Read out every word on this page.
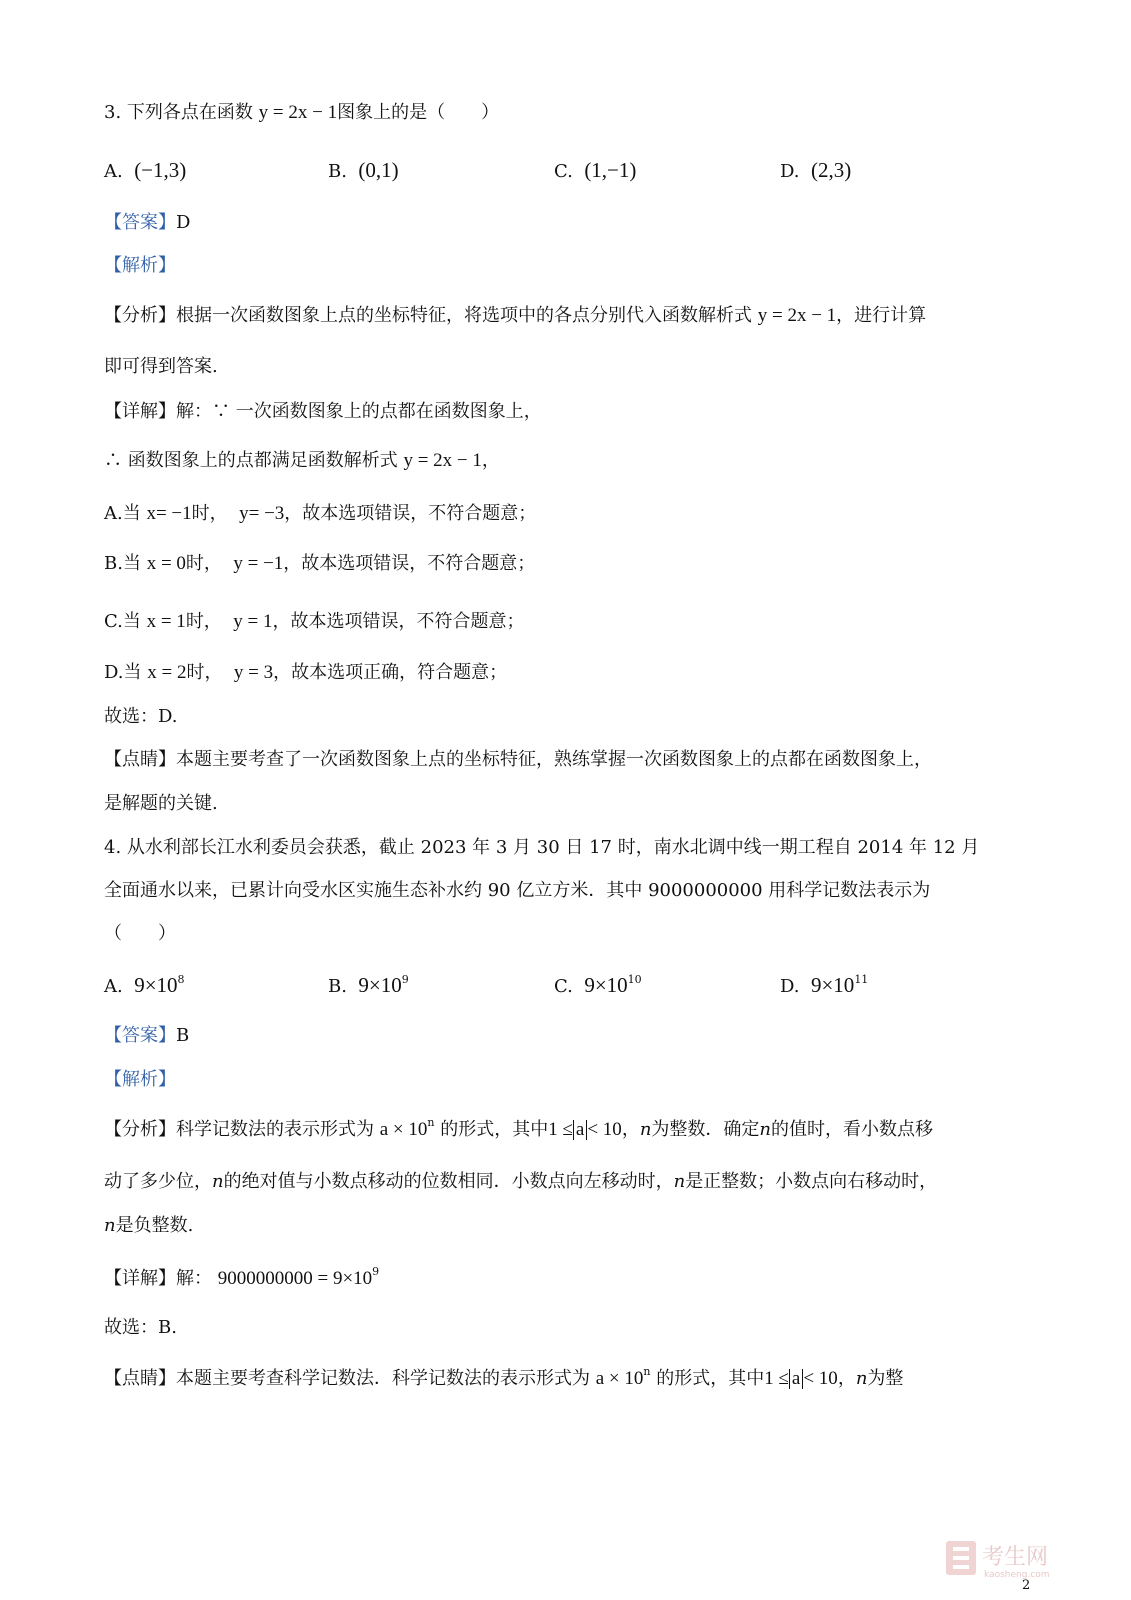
3. 下列各点在函数 y = 2x − 1图象上的是（　　）
A. (−1,3)	B. (0,1)	C. (1,−1)	D. (2,3)
【答案】D
【解析】
【分析】根据一次函数图象上点的坐标特征，将选项中的各点分别代入函数解析式 y = 2x − 1，进行计算
即可得到答案.
【详解】解：∵ 一次函数图象上的点都在函数图象上，
∴ 函数图象上的点都满足函数解析式 y = 2x − 1，
A.当 x= −1时， y= −3，故本选项错误，不符合题意；
B.当 x = 0时， y = −1，故本选项错误，不符合题意；
C.当 x = 1时， y = 1，故本选项错误，不符合题意；
D.当 x = 2时， y = 3，故本选项正确，符合题意；
故选：D.
【点睛】本题主要考查了一次函数图象上点的坐标特征，熟练掌握一次函数图象上的点都在函数图象上，
是解题的关键.
4. 从水利部长江水利委员会获悉，截止 2023 年 3 月 30 日 17 时，南水北调中线一期工程自 2014 年 12 月
全面通水以来，已累计向受水区实施生态补水约 90 亿立方米．其中 9000000000 用科学记数法表示为
（　　）
A. $9\times 10^8$	B. $9\times 10^9$	C. $9\times 10^{10}$	D. $9\times 10^{11}$
【答案】B
【解析】
【分析】科学记数法的表示形式为 $a \times 10^n$ 的形式，其中1 ≤ a < 10，n为整数．确定n的值时，看小数点移
动了多少位，n的绝对值与小数点移动的位数相同．小数点向左移动时，n是正整数；小数点向右移动时，
n是负整数.
【详解】解： $9000000000 = 9\times 10^9$
故选：B.
【点睛】本题主要考查科学记数法．科学记数法的表示形式为 $a \times 10^n$ 的形式，其中1 ≤ a < 10，n为整
考生网
kaosheng.com
2
